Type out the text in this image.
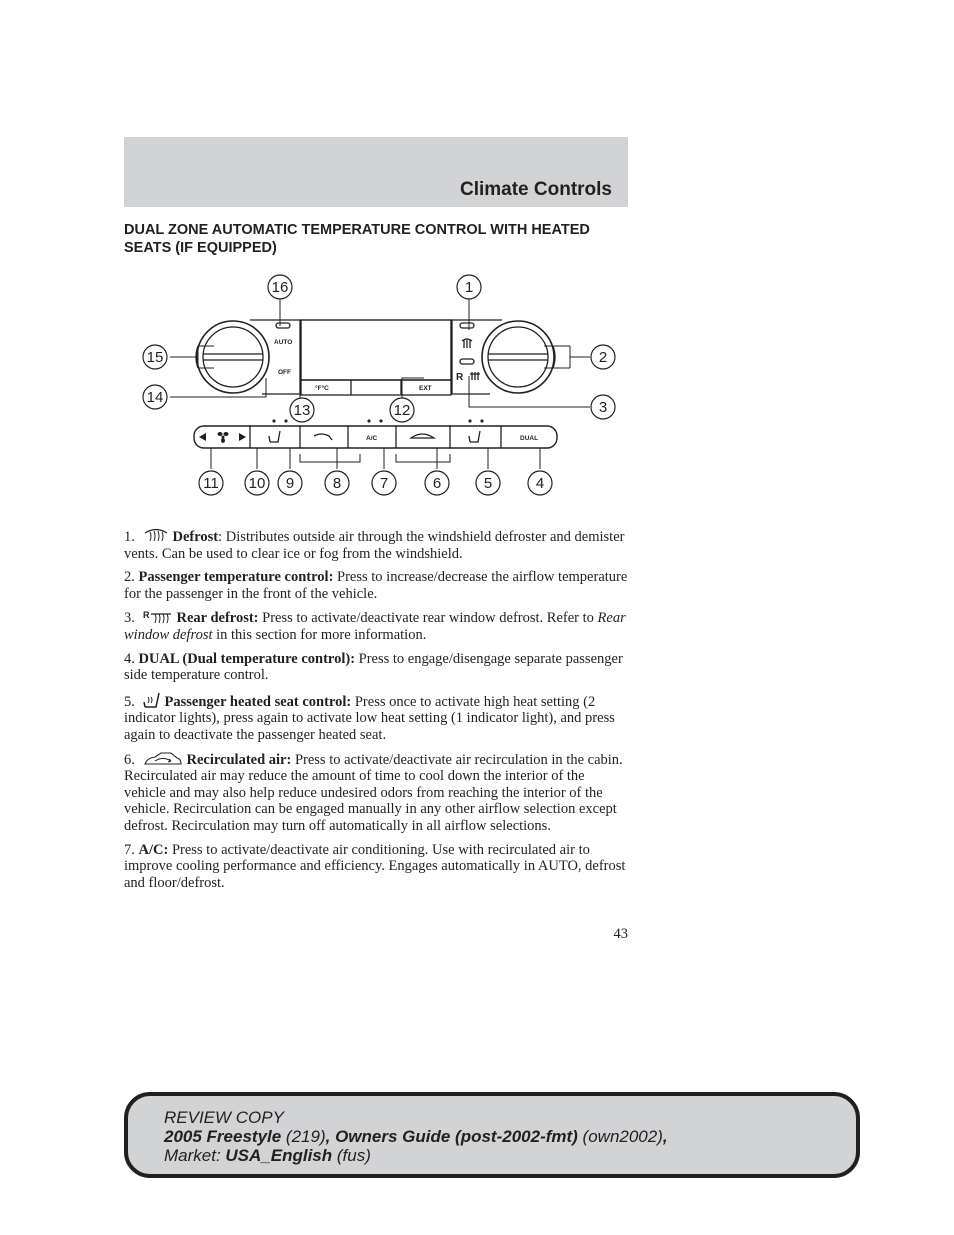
Climate Controls
DUAL ZONE AUTOMATIC TEMPERATURE CONTROL WITH HEATED SEATS (IF EQUIPPED)
AUTO
OFF
°F°C	EXT
A/C	DUAL
R
16	1
15	2
14
3
13	12
11 10 9	8	7	6	5	4

1.	Defrost: Distributes outside air through the windshield defroster and demister vents. Can be used to clear ice or fog from the windshield.

2. Passenger temperature control: Press to increase/decrease the airflow temperature for the passenger in the front of the vehicle.

3. R Rear defrost: Press to activate/deactivate rear window defrost. Refer to Rear window defrost in this section for more information.

4. DUAL (Dual temperature control): Press to engage/disengage separate passenger side temperature control.

5. Passenger heated seat control: Press once to activate high heat setting (2 indicator lights), press again to activate low heat setting (1 indicator light), and press again to deactivate the passenger heated seat.

6.	Recirculated air: Press to activate/deactivate air recirculation in the cabin. Recirculated air may reduce the amount of time to cool down the interior of the vehicle and may also help reduce undesired odors from reaching the interior of the vehicle. Recirculation can be engaged manually in any other airflow selection except defrost. Recirculation may turn off automatically in all airflow selections.

7. A/C: Press to activate/deactivate air conditioning. Use with recirculated air to improve cooling performance and efficiency. Engages automatically in AUTO, defrost and floor/defrost.

43
REVIEW COPY
2005 Freestyle (219), Owners Guide (post-2002-fmt) (own2002),
Market: USA_English (fus)
